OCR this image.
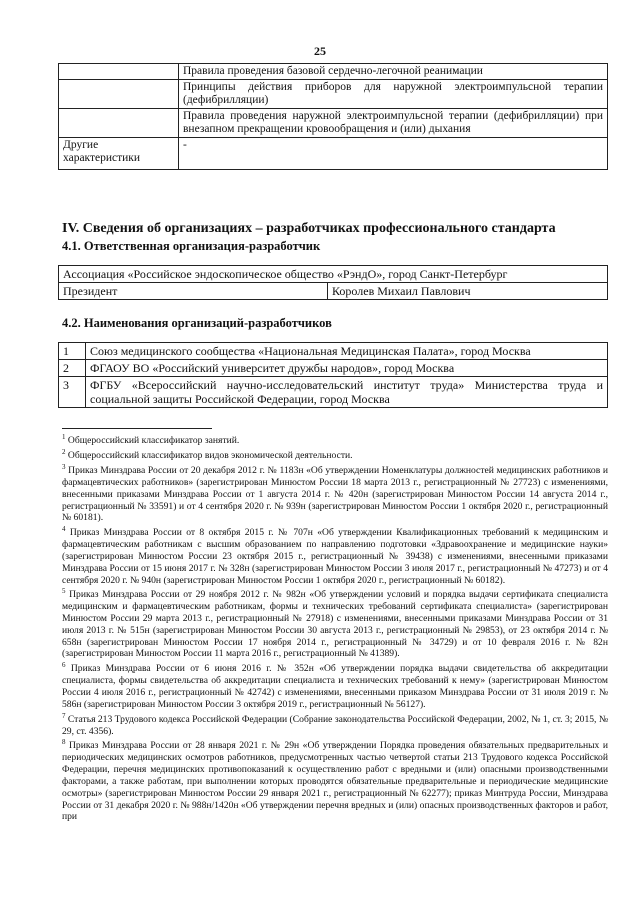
25
	Правила проведения базовой сердечно-легочной реанимации
	Принципы действия приборов для наружной электроимпульсной терапии (дефибрилляции)
	Правила проведения наружной электроимпульсной терапии (дефибрилляции) при внезапном прекращении кровообращения и (или) дыхания
Другие характеристики	-
IV. Сведения об организациях – разработчиках профессионального стандарта
4.1. Ответственная организация-разработчик
Ассоциация «Российское эндоскопическое общество «РэндО», город Санкт-Петербург
Президент	Королев Михаил Павлович
4.2. Наименования организаций-разработчиков
1	Союз медицинского сообщества «Национальная Медицинская Палата», город Москва
2	ФГАОУ ВО «Российский университет дружбы народов», город Москва
3	ФГБУ «Всероссийский научно-исследовательский институт труда» Министерства труда и социальной защиты Российской Федерации, город Москва

$^1$ Общероссийский классификатор занятий.

$^2$ Общероссийский классификатор видов экономической деятельности.

$^3$ Приказ Минздрава России от 20 декабря 2012 г. № 1183н «Об утверждении Номенклатуры должностей медицинских работников и фармацевтических работников» (зарегистрирован Минюстом России 18 марта 2013 г., регистрационный № 27723) с изменениями, внесенными приказами Минздрава России от 1 августа 2014 г. № 420н (зарегистрирован Минюстом России 14 августа 2014 г., регистрационный № 33591) и от 4 сентября 2020 г. № 939н (зарегистрирован Минюстом России 1 октября 2020 г., регистрационный № 60181).

$^4$ Приказ Минздрава России от 8 октября 2015 г. № 707н «Об утверждении Квалификационных требований к медицинским и фармацевтическим работникам с высшим образованием по направлению подготовки «Здравоохранение и медицинские науки» (зарегистрирован Минюстом России 23 октября 2015 г., регистрационный № 39438) с изменениями, внесенными приказами Минздрава России от 15 июня 2017 г. № 328н (зарегистрирован Минюстом России 3 июля 2017 г., регистрационный № 47273) и от 4 сентября 2020 г. № 940н (зарегистрирован Минюстом России 1 октября 2020 г., регистрационный № 60182).

$^5$ Приказ Минздрава России от 29 ноября 2012 г. № 982н «Об утверждении условий и порядка выдачи сертификата специалиста медицинским и фармацевтическим работникам, формы и технических требований сертификата специалиста» (зарегистрирован Минюстом России 29 марта 2013 г., регистрационный № 27918) с изменениями, внесенными приказами Минздрава России от 31 июля 2013 г. № 515н (зарегистрирован Минюстом России 30 августа 2013 г., регистрационный № 29853), от 23 октября 2014 г. № 658н (зарегистрирован Минюстом России 17 ноября 2014 г., регистрационный № 34729) и от 10 февраля 2016 г. № 82н (зарегистрирован Минюстом России 11 марта 2016 г., регистрационный № 41389).

$^6$ Приказ Минздрава России от 6 июня 2016 г. № 352н «Об утверждении порядка выдачи свидетельства об аккредитации специалиста, формы свидетельства об аккредитации специалиста и технических требований к нему» (зарегистрирован Минюстом России 4 июля 2016 г., регистрационный № 42742) с изменениями, внесенными приказом Минздрава России от 31 июля 2019 г. № 586н (зарегистрирован Минюстом России 3 октября 2019 г., регистрационный № 56127).

$^7$ Статья 213 Трудового кодекса Российской Федерации (Собрание законодательства Российской Федерации, 2002, № 1, ст. 3; 2015, № 29, ст. 4356).

$^8$ Приказ Минздрава России от 28 января 2021 г. № 29н «Об утверждении Порядка проведения обязательных предварительных и периодических медицинских осмотров работников, предусмотренных частью четвертой статьи 213 Трудового кодекса Российской Федерации, перечня медицинских противопоказаний к осуществлению работ с вредными и (или) опасными производственными факторами, а также работам, при выполнении которых проводятся обязательные предварительные и периодические медицинские осмотры» (зарегистрирован Минюстом России 29 января 2021 г., регистрационный № 62277); приказ Минтруда России, Минздрава России от 31 декабря 2020 г. № 988н/1420н «Об утверждении перечня вредных и (или) опасных производственных факторов и работ, при
